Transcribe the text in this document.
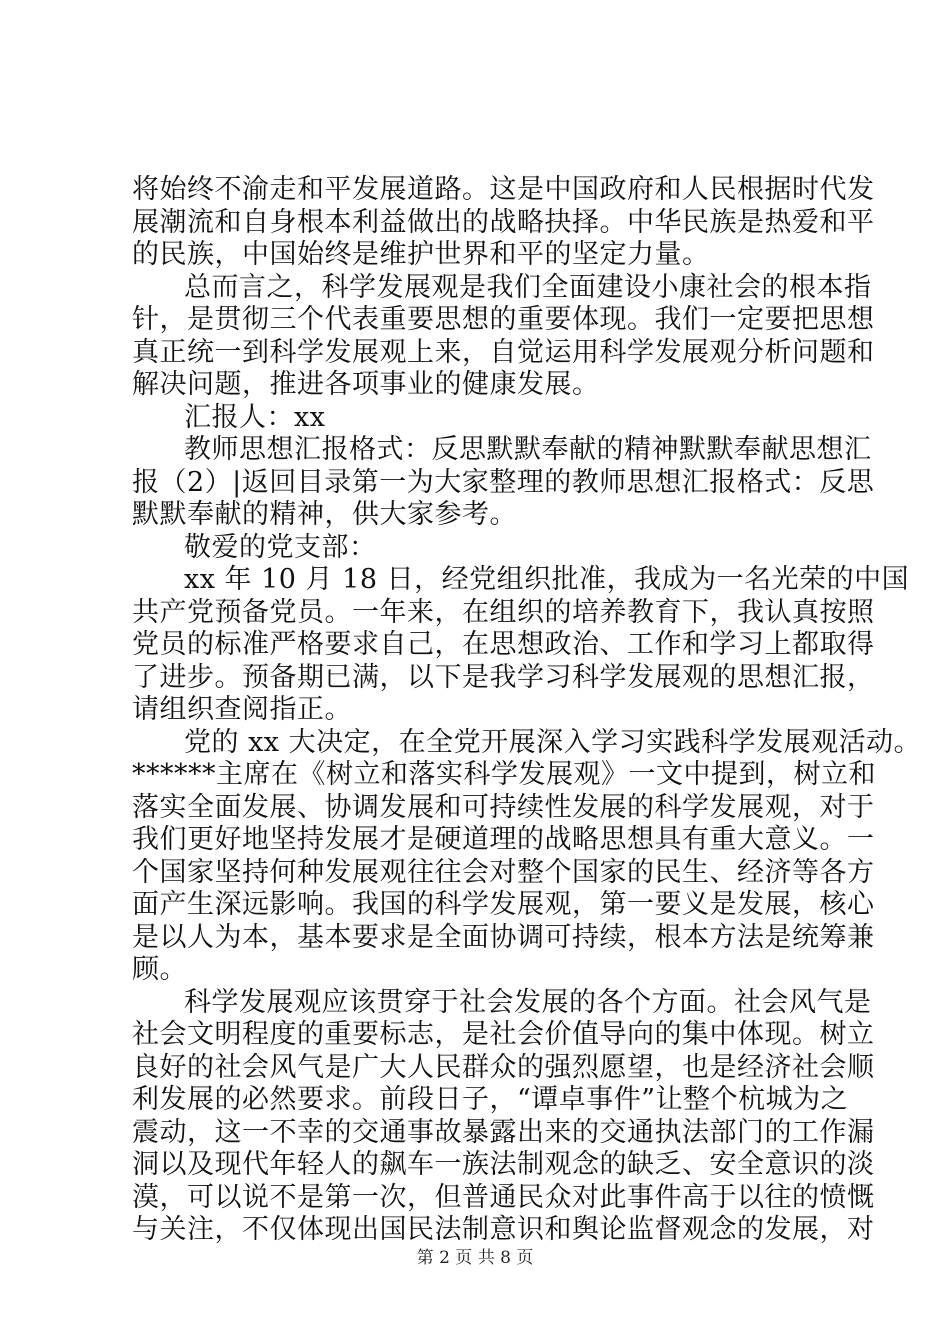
将始终不渝走和平发展道路。这是中国政府和人民根据时代发
展潮流和自身根本利益做出的战略抉择。中华民族是热爱和平
的民族，中国始终是维护世界和平的坚定力量。
总而言之，科学发展观是我们全面建设小康社会的根本指
针，是贯彻三个代表重要思想的重要体现。我们一定要把思想
真正统一到科学发展观上来，自觉运用科学发展观分析问题和
解决问题，推进各项事业的健康发展。
汇报人：xx
教师思想汇报格式：反思默默奉献的精神默默奉献思想汇
报（2）|返回目录第一为大家整理的教师思想汇报格式：反思
默默奉献的精神，供大家参考。
敬爱的党支部：
xx 年 10 月 18 日，经党组织批准，我成为一名光荣的中国
共产党预备党员。一年来，在组织的培养教育下，我认真按照
党员的标准严格要求自己，在思想政治、工作和学习上都取得
了进步。预备期已满，以下是我学习科学发展观的思想汇报，
请组织查阅指正。
党的 xx 大决定，在全党开展深入学习实践科学发展观活动。
******主席在《树立和落实科学发展观》一文中提到，树立和
落实全面发展、协调发展和可持续性发展的科学发展观，对于
我们更好地坚持发展才是硬道理的战略思想具有重大意义。一
个国家坚持何种发展观往往会对整个国家的民生、经济等各方
面产生深远影响。我国的科学发展观，第一要义是发展，核心
是以人为本，基本要求是全面协调可持续，根本方法是统筹兼
顾。
科学发展观应该贯穿于社会发展的各个方面。社会风气是
社会文明程度的重要标志，是社会价值导向的集中体现。树立
良好的社会风气是广大人民群众的强烈愿望，也是经济社会顺
利发展的必然要求。前段日子，“谭卓事件”让整个杭城为之
震动，这一不幸的交通事故暴露出来的交通执法部门的工作漏
洞以及现代年轻人的飙车一族法制观念的缺乏、安全意识的淡
漠，可以说不是第一次，但普通民众对此事件高于以往的愤慨
与关注，不仅体现出国民法制意识和舆论监督观念的发展，对
第 2 页 共 8 页
